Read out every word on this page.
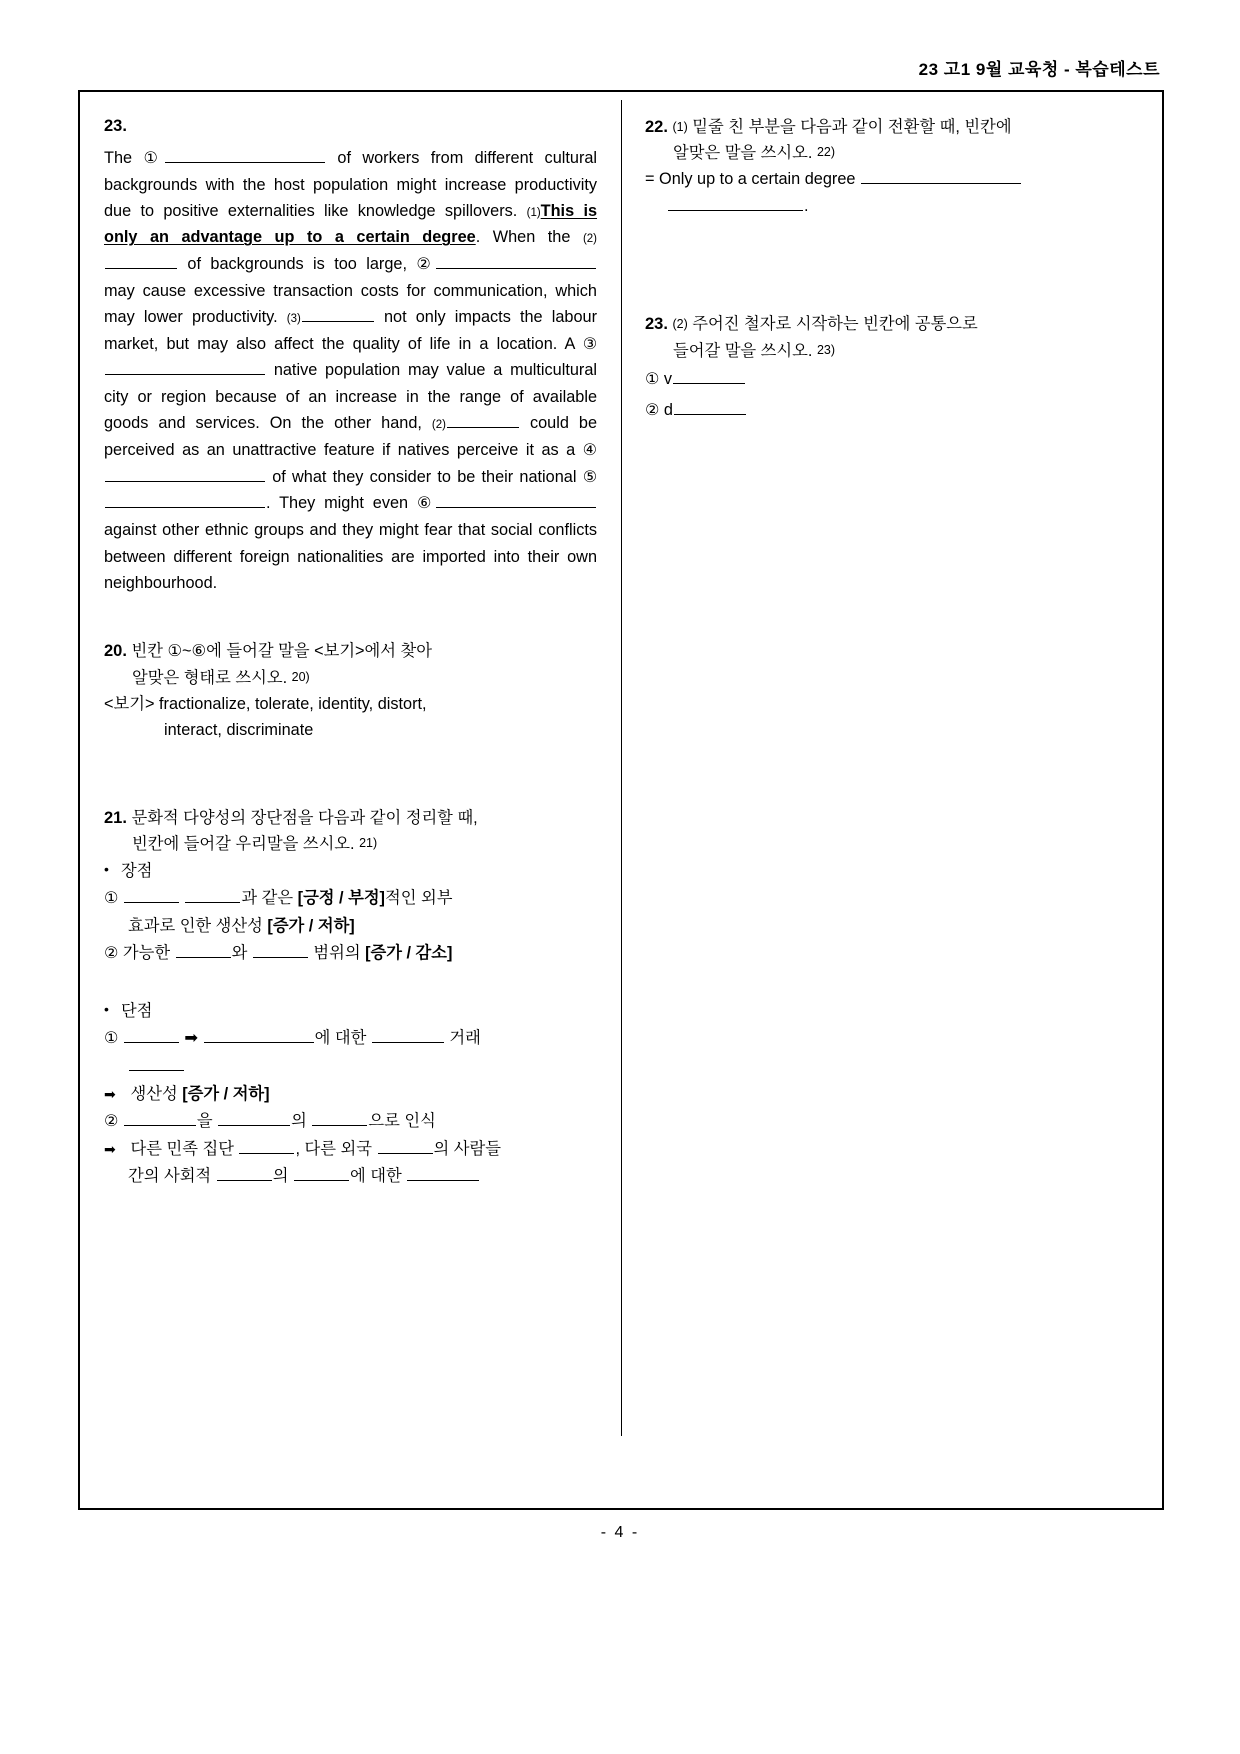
23 고1 9월 교육청 - 복습테스트
23.
The ①	of workers from different cultural backgrounds with the host population might increase productivity due to positive externalities like knowledge spillovers. (1)This is only an advantage up to a certain degree. When the (2) of backgrounds is too large, ② may cause excessive transaction costs for communication, which may lower productivity. (3)	not only impacts the labour market, but may also affect the quality of life in a location. A ③ native population may value a multicultural city or region because of an increase in the range of available goods and services. On the other hand, (2)	could be perceived as an unattractive feature if natives perceive it as a ④ of what they consider to be their national ⑤. They might even ⑥ against other ethnic groups and they might fear that social conflicts between different foreign nationalities are imported into their own neighbourhood.
20. 빈칸 ①~⑥에 들어갈 말을 <보기>에서 찾아
알맞은 형태로 쓰시오. 20)
<보기> fractionalize, tolerate, identity, distort,
interact, discriminate
21. 문화적 다양성의 장단점을 다음과 같이 정리할 때,
빈칸에 들어갈 우리말을 쓰시오. 21)
• 장점
①	과 같은 [긍정 / 부정]적인 외부
효과로 인한 생산성 [증가 / 저하]
② 가능한	와	범위의 [증가 / 감소]
• 단점
①	➡	에 대한	거래
➡ 생산성 [증가 / 저하]
②	을	의	으로 인식
➡ 다른 민족 집단	, 다른 외국	의 사람들
간의 사회적	의	에 대한
22. (1) 밑줄 친 부분을 다음과 같이 전환할 때, 빈칸에
알맞은 말을 쓰시오. 22)
= Only up to a certain degree
.
23. (2) 주어진 철자로 시작하는 빈칸에 공통으로
들어갈 말을 쓰시오. 23)
① v
② d
- 4 -
